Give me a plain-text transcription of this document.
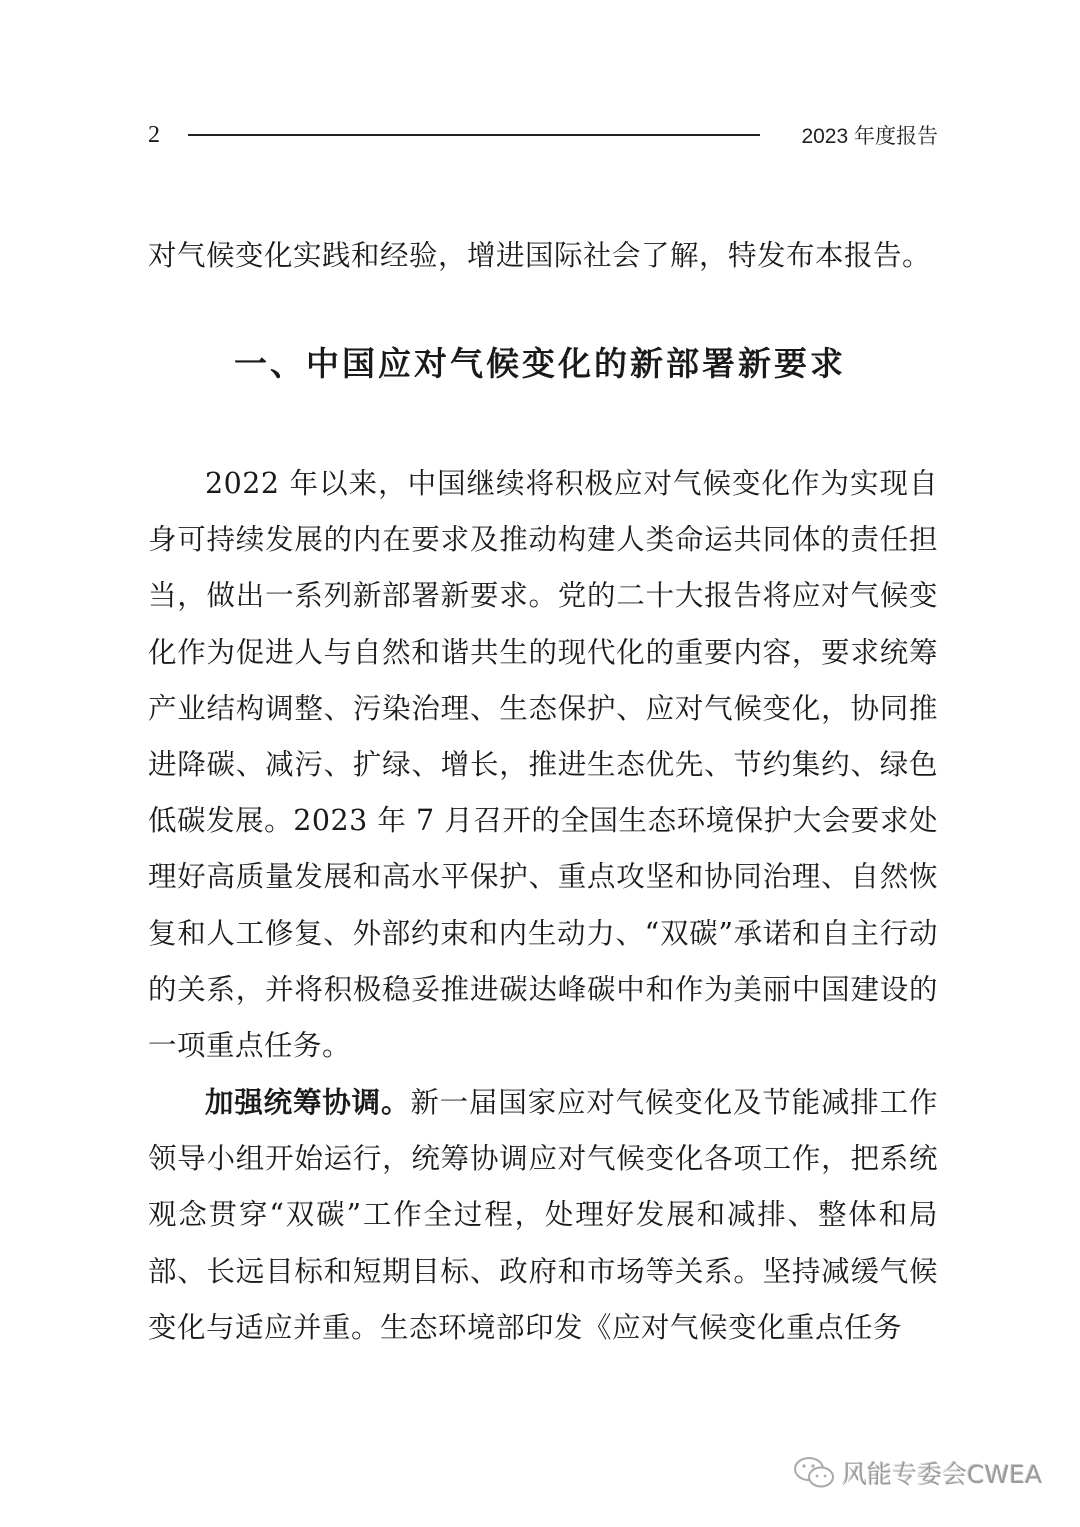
2	2023 年度报告
对气候变化实践和经验，增进国际社会了解，特发布本报告。
一、中国应对气候变化的新部署新要求
2022 年以来，中国继续将积极应对气候变化作为实现自身可持续发展的内在要求及推动构建人类命运共同体的责任担当，做出一系列新部署新要求。党的二十大报告将应对气候变化作为促进人与自然和谐共生的现代化的重要内容，要求统筹产业结构调整、污染治理、生态保护、应对气候变化，协同推进降碳、减污、扩绿、增长，推进生态优先、节约集约、绿色低碳发展。2023 年 7 月召开的全国生态环境保护大会要求处理好高质量发展和高水平保护、重点攻坚和协同治理、自然恢复和人工修复、外部约束和内生动力、“双碳”承诺和自主行动的关系，并将积极稳妥推进碳达峰碳中和作为美丽中国建设的一项重点任务。
加强统筹协调。新一届国家应对气候变化及节能减排工作领导小组开始运行，统筹协调应对气候变化各项工作，把系统观念贯穿“双碳”工作全过程，处理好发展和减排、整体和局部、长远目标和短期目标、政府和市场等关系。坚持减缓气候变化与适应并重。生态环境部印发《应对气候变化重点任务
风能专委会CWEA
